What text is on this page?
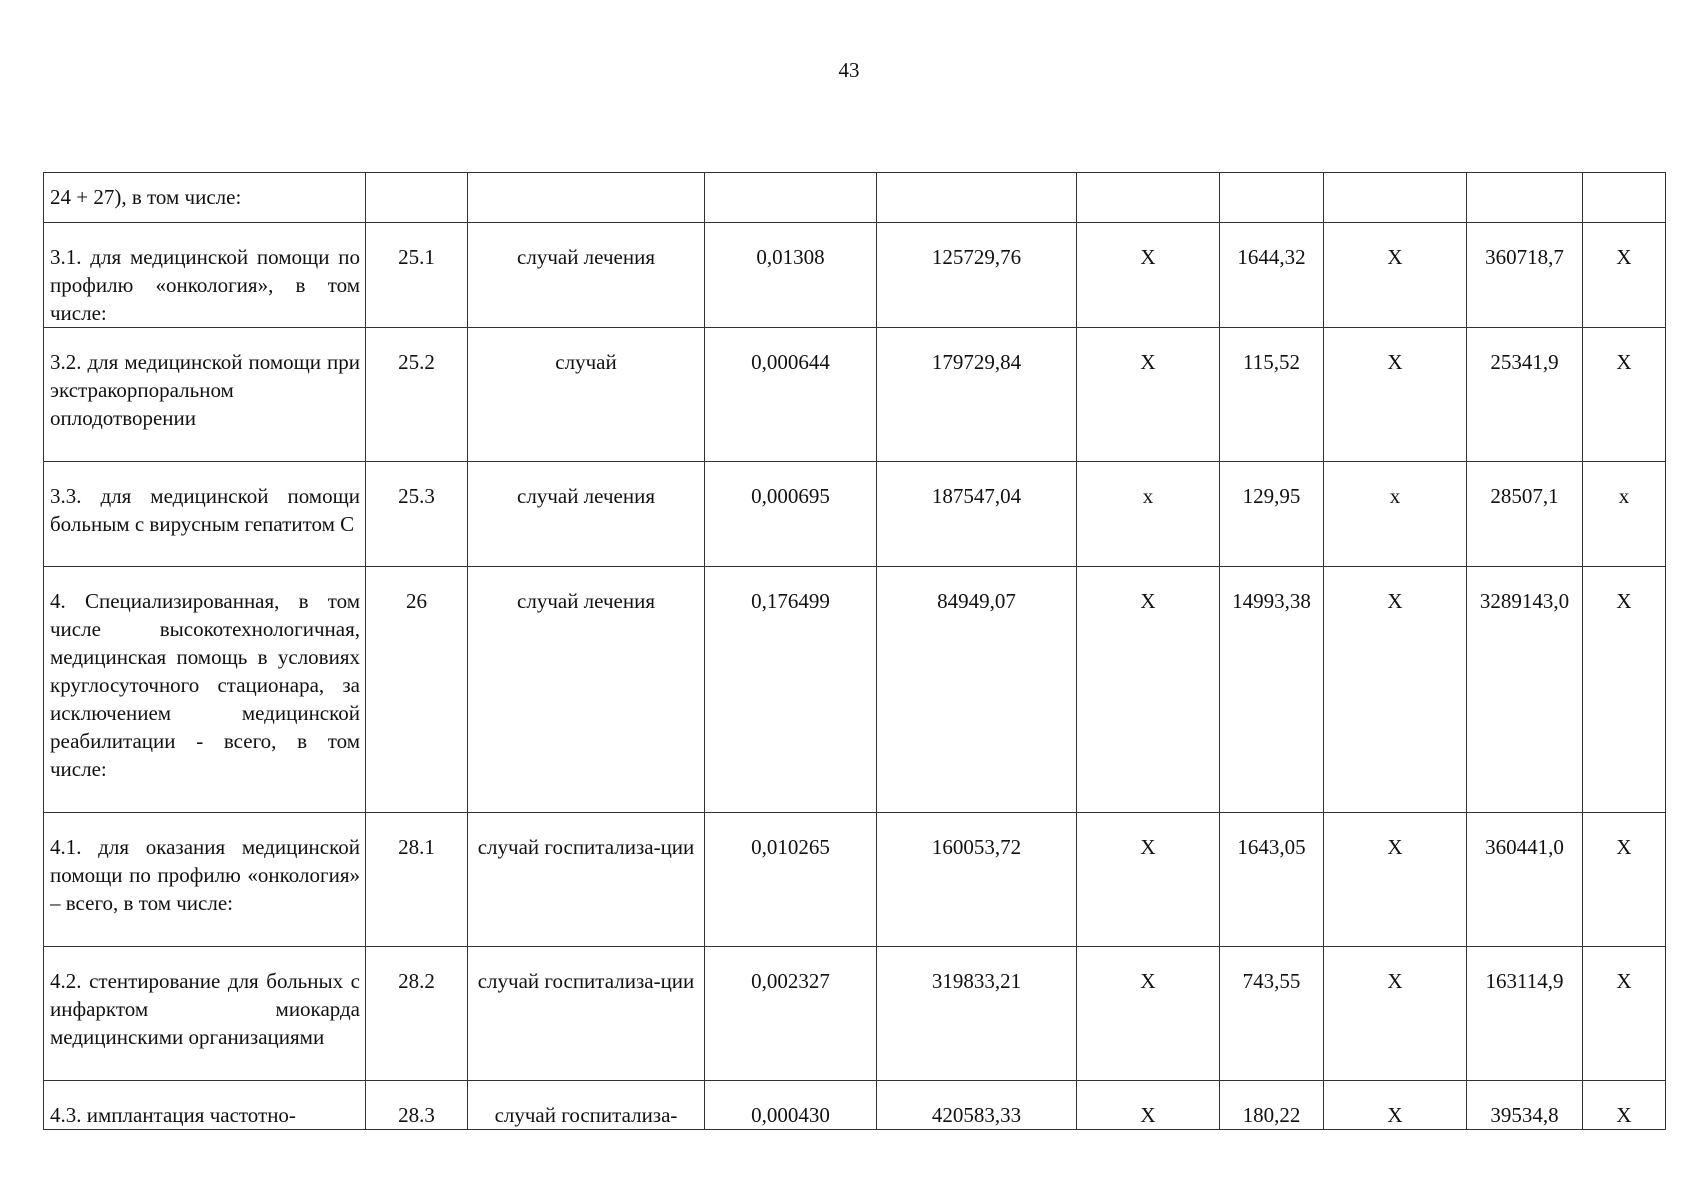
43
24 + 27), в том числе:									
3.1. для медицинской помощи по профилю «онкология», в том числе:	25.1	случай лечения	0,01308	125729,76	Х	1644,32	Х	360718,7	Х
3.2. для медицинской помощи при экстракорпоральном оплодотворении	25.2	случай	0,000644	179729,84	Х	115,52	Х	25341,9	Х
3.3. для медицинской помощи больным с вирусным гепатитом С	25.3	случай лечения	0,000695	187547,04	х	129,95	х	28507,1	х
4. Специализированная, в том числе высокотехнологичная, медицинская помощь в условиях круглосуточного стационара, за исключением медицинской реабилитации - всего, в том числе:	26	случай лечения	0,176499	84949,07	Х	14993,38	Х	3289143,0	Х
4.1. для оказания медицинской помощи по профилю «онкология» – всего, в том числе:	28.1	случай госпитализа-ции	0,010265	160053,72	Х	1643,05	Х	360441,0	Х
4.2. стентирование для больных с инфарктом миокарда медицинскими организациями	28.2	случай госпитализа-ции	0,002327	319833,21	Х	743,55	Х	163114,9	Х
4.3. имплантация частотно-	28.3	случай госпитализа-	0,000430	420583,33	Х	180,22	Х	39534,8	Х
